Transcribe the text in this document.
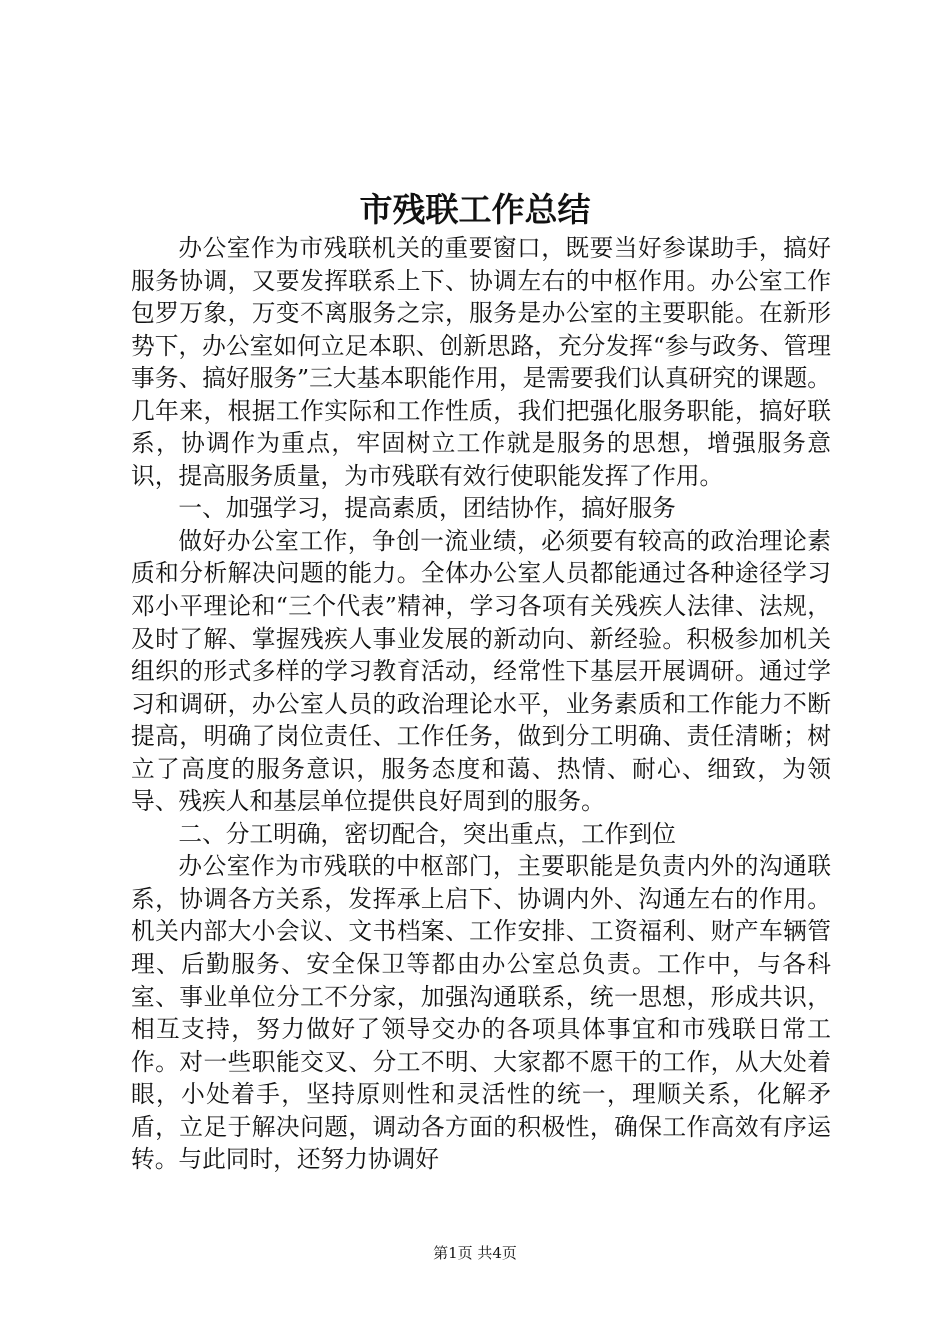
市残联工作总结

办公室作为市残联机关的重要窗口，既要当好参谋助手，搞好服务协调，又要发挥联系上下、协调左右的中枢作用。办公室工作包罗万象，万变不离服务之宗，服务是办公室的主要职能。在新形势下，办公室如何立足本职、创新思路，充分发挥“参与政务、管理事务、搞好服务”三大基本职能作用，是需要我们认真研究的课题。几年来，根据工作实际和工作性质，我们把强化服务职能，搞好联系，协调作为重点，牢固树立工作就是服务的思想，增强服务意识，提高服务质量，为市残联有效行使职能发挥了作用。

一、加强学习，提高素质，团结协作，搞好服务

做好办公室工作，争创一流业绩，必须要有较高的政治理论素质和分析解决问题的能力。全体办公室人员都能通过各种途径学习邓小平理论和“三个代表”精神，学习各项有关残疾人法律、法规，及时了解、掌握残疾人事业发展的新动向、新经验。积极参加机关组织的形式多样的学习教育活动，经常性下基层开展调研。通过学习和调研，办公室人员的政治理论水平，业务素质和工作能力不断提高，明确了岗位责任、工作任务，做到分工明确、责任清晰；树立了高度的服务意识，服务态度和蔼、热情、耐心、细致，为领导、残疾人和基层单位提供良好周到的服务。

二、分工明确，密切配合，突出重点，工作到位

办公室作为市残联的中枢部门，主要职能是负责内外的沟通联系，协调各方关系，发挥承上启下、协调内外、沟通左右的作用。机关内部大小会议、文书档案、工作安排、工资福利、财产车辆管理、后勤服务、安全保卫等都由办公室总负责。工作中，与各科室、事业单位分工不分家，加强沟通联系，统一思想，形成共识，相互支持，努力做好了领导交办的各项具体事宜和市残联日常工作。对一些职能交叉、分工不明、大家都不愿干的工作，从大处着眼，小处着手，坚持原则性和灵活性的统一，理顺关系，化解矛盾，立足于解决问题，调动各方面的积极性，确保工作高效有序运转。与此同时，还努力协调好

第1页 共4页
